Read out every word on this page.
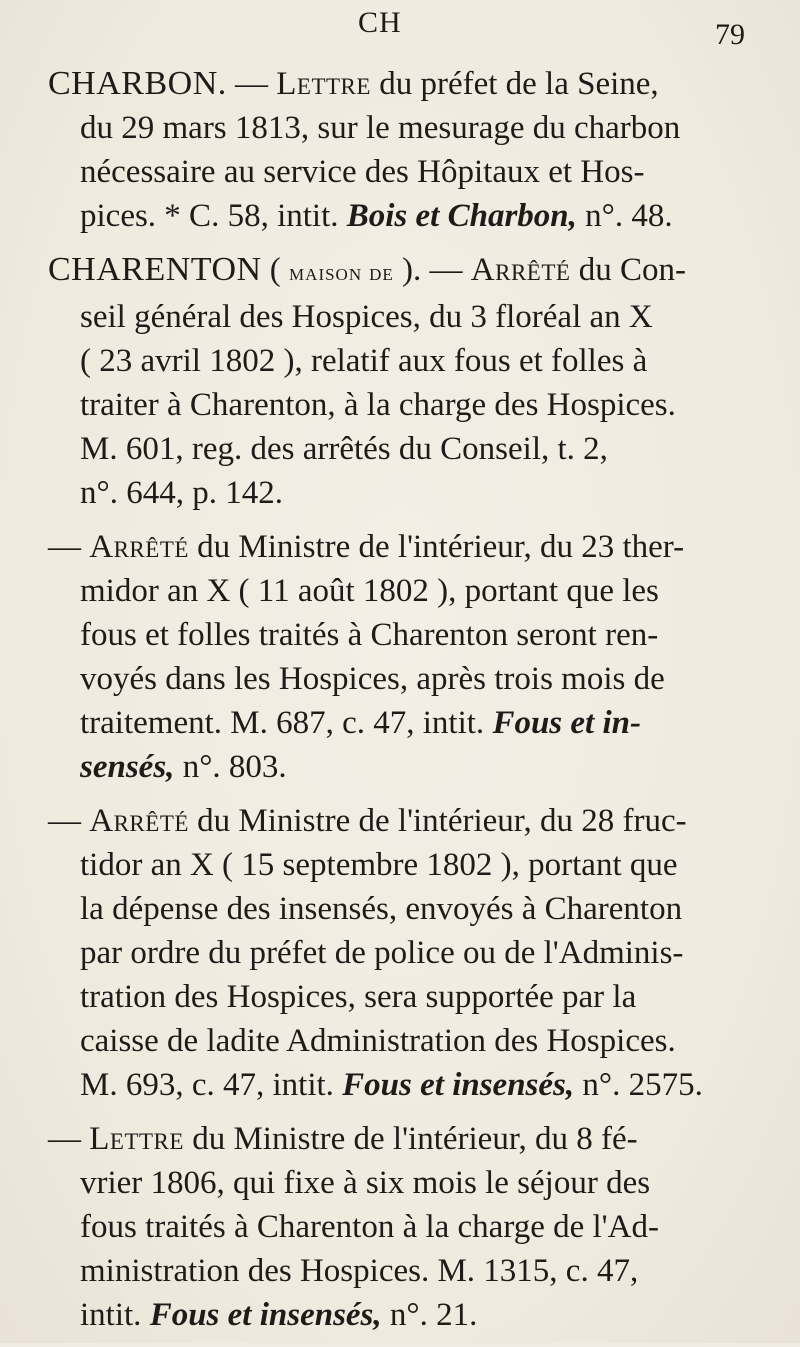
CH	79
CHARBON. — Lettre du préfet de la Seine,
du 29 mars 1813, sur le mesurage du charbon
nécessaire au service des Hôpitaux et Hos-
pices. * C. 58, intit. Bois et Charbon, n°. 48.
CHARENTON ( maison de ). — Arrêté du Con-
seil général des Hospices, du 3 floréal an X
( 23 avril 1802 ), relatif aux fous et folles à
traiter à Charenton, à la charge des Hospices.
M. 601, reg. des arrêtés du Conseil, t. 2,
n°. 644, p. 142.
— Arrêté du Ministre de l'intérieur, du 23 ther-
midor an X ( 11 août 1802 ), portant que les
fous et folles traités à Charenton seront ren-
voyés dans les Hospices, après trois mois de
traitement. M. 687, c. 47, intit. Fous et in-
sensés, n°. 803.
— Arrêté du Ministre de l'intérieur, du 28 fruc-
tidor an X ( 15 septembre 1802 ), portant que
la dépense des insensés, envoyés à Charenton
par ordre du préfet de police ou de l'Adminis-
tration des Hospices, sera supportée par la
caisse de ladite Administration des Hospices.
M. 693, c. 47, intit. Fous et insensés, n°. 2575.
— Lettre du Ministre de l'intérieur, du 8 fé-
vrier 1806, qui fixe à six mois le séjour des
fous traités à Charenton à la charge de l'Ad-
ministration des Hospices. M. 1315, c. 47,
intit. Fous et insensés, n°. 21.
